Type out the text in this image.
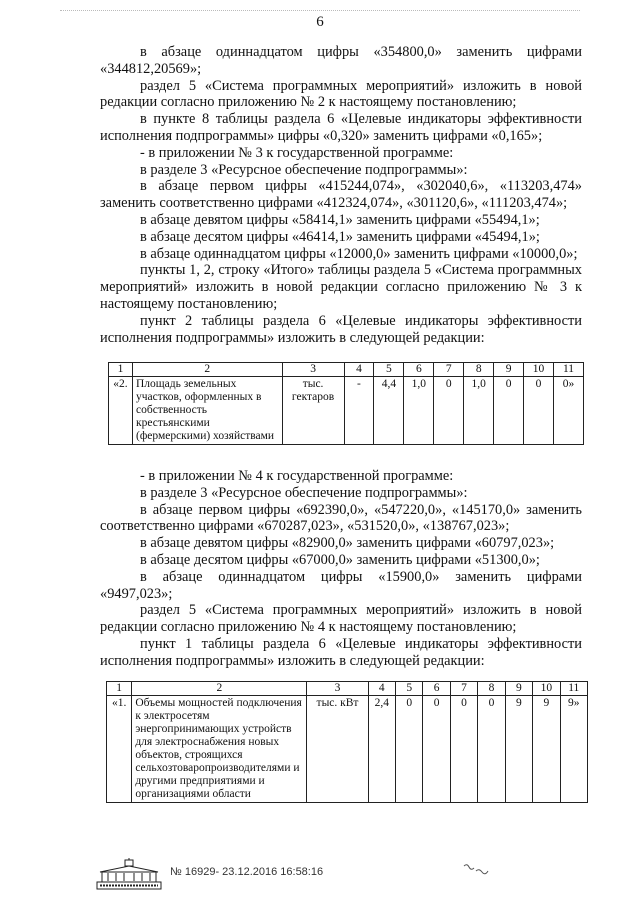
6

в абзаце одиннадцатом цифры «354800,0» заменить цифрами «344812,20569»;

раздел 5 «Система программных мероприятий» изложить в новой редакции согласно приложению № 2 к настоящему постановлению;

в пункте 8 таблицы раздела 6 «Целевые индикаторы эффективности исполнения подпрограммы» цифры «0,320» заменить цифрами «0,165»;

- в приложении № 3 к государственной программе:

в разделе 3 «Ресурсное обеспечение подпрограммы»:

в абзаце первом цифры «415244,074», «302040,6», «113203,474» заменить соответственно цифрами «412324,074», «301120,6», «111203,474»;

в абзаце девятом цифры «58414,1» заменить цифрами «55494,1»;

в абзаце десятом цифры «46414,1» заменить цифрами «45494,1»;

в абзаце одиннадцатом цифры «12000,0» заменить цифрами «10000,0»;

пункты 1, 2, строку «Итого» таблицы раздела 5 «Система программных мероприятий» изложить в новой редакции согласно приложению № 3 к настоящему постановлению;

пункт 2 таблицы раздела 6 «Целевые индикаторы эффективности исполнения подпрограммы» изложить в следующей редакции:

1	2	3	4	5	6	7	8	9	10	11
«2.	Площадь земельных участков, оформленных в собственность крестьянскими (фермерскими) хозяйствами	тыс. гектаров	-	4,4	1,0	0	1,0	0	0	0»

- в приложении № 4 к государственной программе:

в разделе 3 «Ресурсное обеспечение подпрограммы»:

в абзаце первом цифры «692390,0», «547220,0», «145170,0» заменить соответственно цифрами «670287,023», «531520,0», «138767,023»;

в абзаце девятом цифры «82900,0» заменить цифрами «60797,023»;

в абзаце десятом цифры «67000,0» заменить цифрами «51300,0»;

в абзаце одиннадцатом цифры «15900,0» заменить цифрами «9497,023»;

раздел 5 «Система программных мероприятий» изложить в новой редакции согласно приложению № 4 к настоящему постановлению;

пункт 1 таблицы раздела 6 «Целевые индикаторы эффективности исполнения подпрограммы» изложить в следующей редакции:

1	2	3	4	5	6	7	8	9	10	11
«1.	Объемы мощностей подключения к электросетям энергопринимающих устройств для электроснабжения новых объектов, строящихся сельхозтоваропроизводителями и другими предприятиями и организациями области	тыс. кВт	2,4	0	0	0	0	9	9	9»
№ 16929- 23.12.2016 16:58:16
